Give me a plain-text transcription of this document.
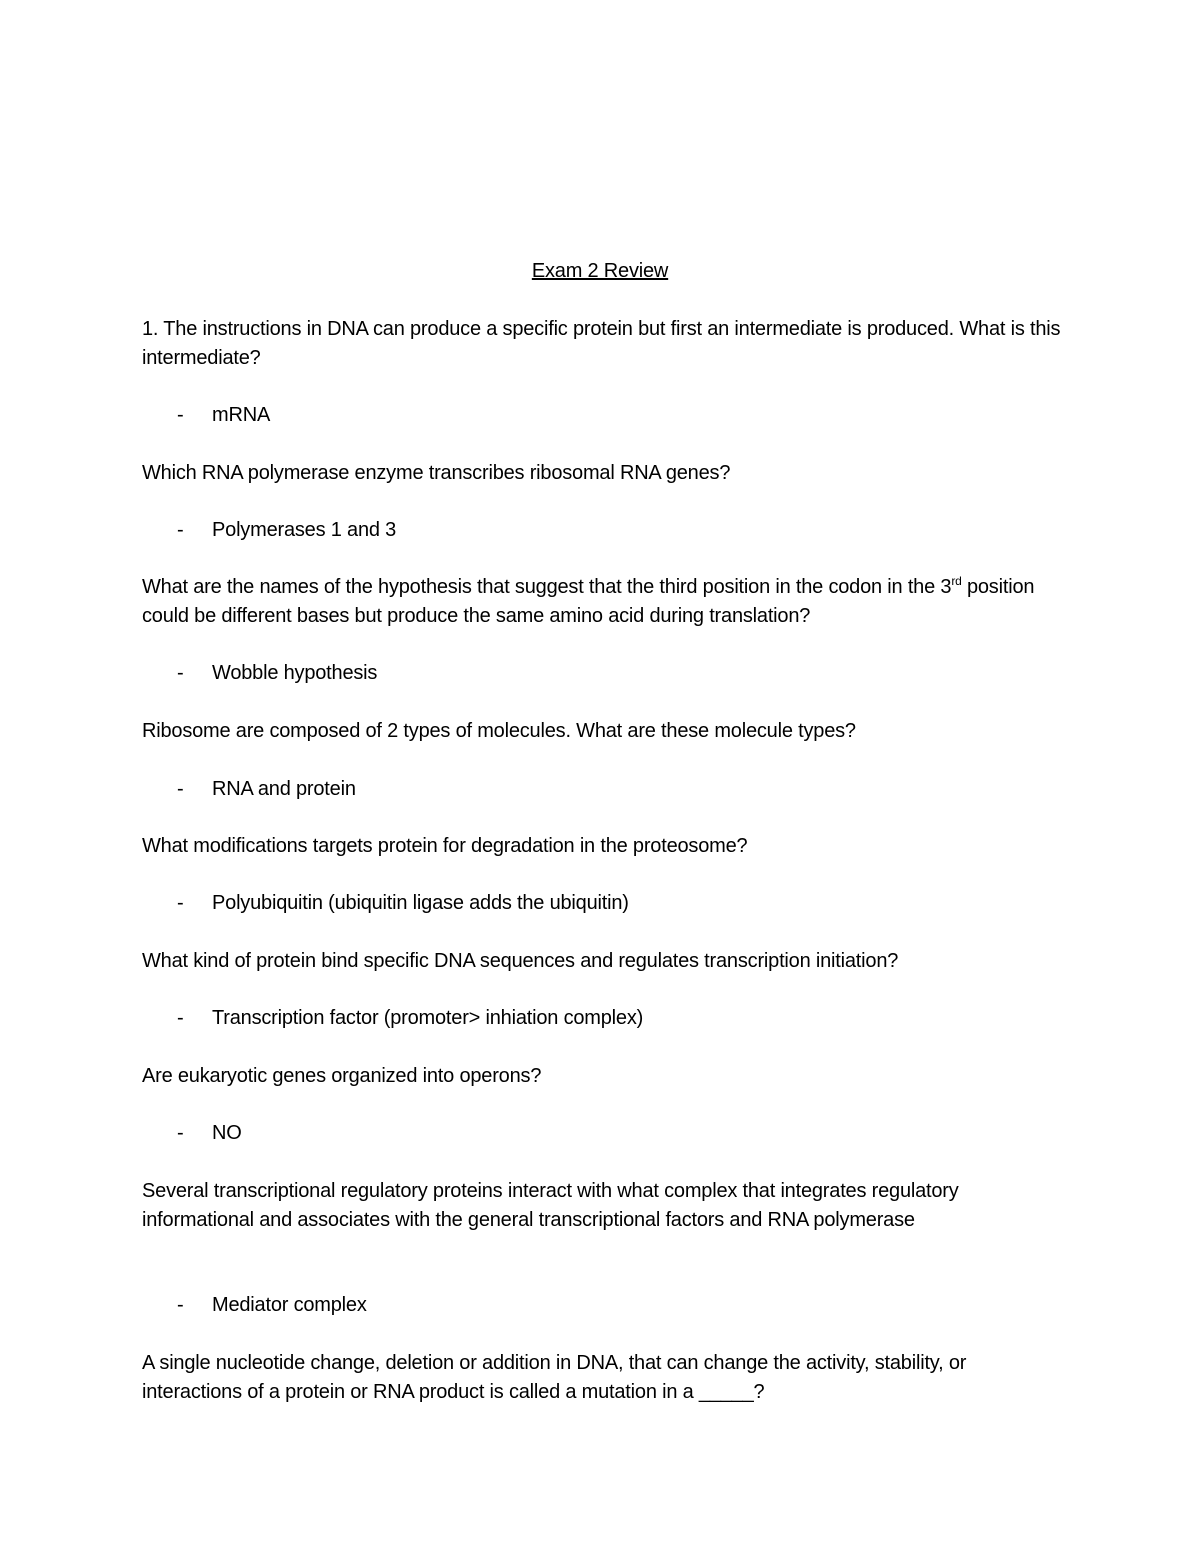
Exam 2 Review
1. The instructions in DNA can produce a specific protein but first an intermediate is produced. What is this intermediate?
- mRNA
Which RNA polymerase enzyme transcribes ribosomal RNA genes?
- Polymerases 1 and 3
What are the names of the hypothesis that suggest that the third position in the codon in the 3rd position could be different bases but produce the same amino acid during translation?
- Wobble hypothesis
Ribosome are composed of 2 types of molecules. What are these molecule types?
- RNA and protein
What modifications targets protein for degradation in the proteosome?
- Polyubiquitin (ubiquitin ligase adds the ubiquitin)
What kind of protein bind specific DNA sequences and regulates transcription initiation?
- Transcription factor (promoter> inhiation complex)
Are eukaryotic genes organized into operons?
- NO
Several transcriptional regulatory proteins interact with what complex that integrates regulatory informational and associates with the general transcriptional factors and RNA polymerase
- Mediator complex
A single nucleotide change, deletion or addition in DNA, that can change the activity, stability, or interactions of a protein or RNA product is called a mutation in a _____?
